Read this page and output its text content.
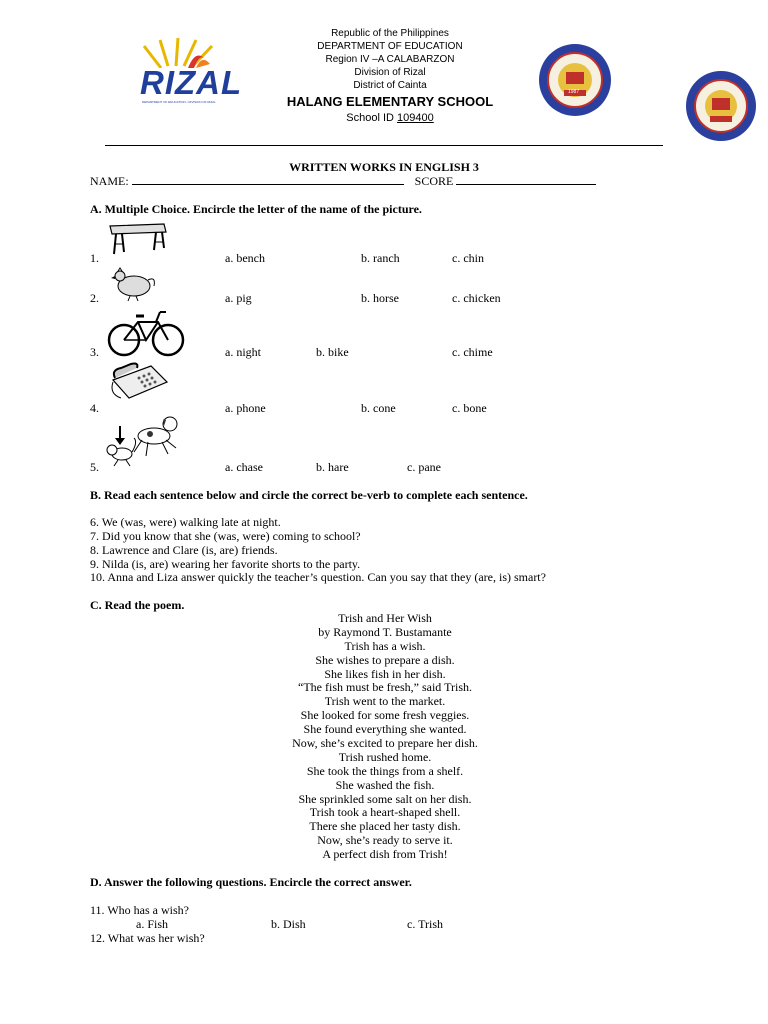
RIZAL
DEPARTMENT OF EDUCATION • DIVISION OF RIZAL
1987
Republic of the Philippines
DEPARTMENT OF EDUCATION
Region IV –A CALABARZON
Division of Rizal
District of Cainta
HALANG ELEMENTARY SCHOOL
School ID 109400
WRITTEN WORKS IN ENGLISH 3
NAME:	SCORE
A. Multiple Choice. Encircle the letter of the name of the picture.
1.	a. bench	b. ranch	c. chin
2.	a. pig	b. horse	c. chicken
3.	a. night	b. bike	c. chime
4.	a. phone	b. cone	c. bone
5.	a. chase	b. hare	c. pane
B. Read each sentence below and circle the correct be-verb to complete each sentence.
6. We (was, were) walking late at night.
7. Did you know that she (was, were) coming to school?
8. Lawrence and Clare (is, are) friends.
9. Nilda (is, are) wearing her favorite shorts to the party.
10. Anna and Liza answer quickly the teacher’s question. Can you say that they (are, is) smart?
C. Read the poem.
Trish and Her Wish
by Raymond T. Bustamante
Trish has a wish.
She wishes to prepare a dish.
She likes fish in her dish.
“The fish must be fresh,” said Trish.
Trish went to the market.
She looked for some fresh veggies.
She found everything she wanted.
Now, she’s excited to prepare her dish.
Trish rushed home.
She took the things from a shelf.
She washed the fish.
She sprinkled some salt on her dish.
Trish took a heart-shaped shell.
There she placed her tasty dish.
Now, she’s ready to serve it.
A perfect dish from Trish!
D. Answer the following questions. Encircle the correct answer.
11. Who has a wish?
a. Fish	b. Dish	c. Trish
12. What was her wish?
